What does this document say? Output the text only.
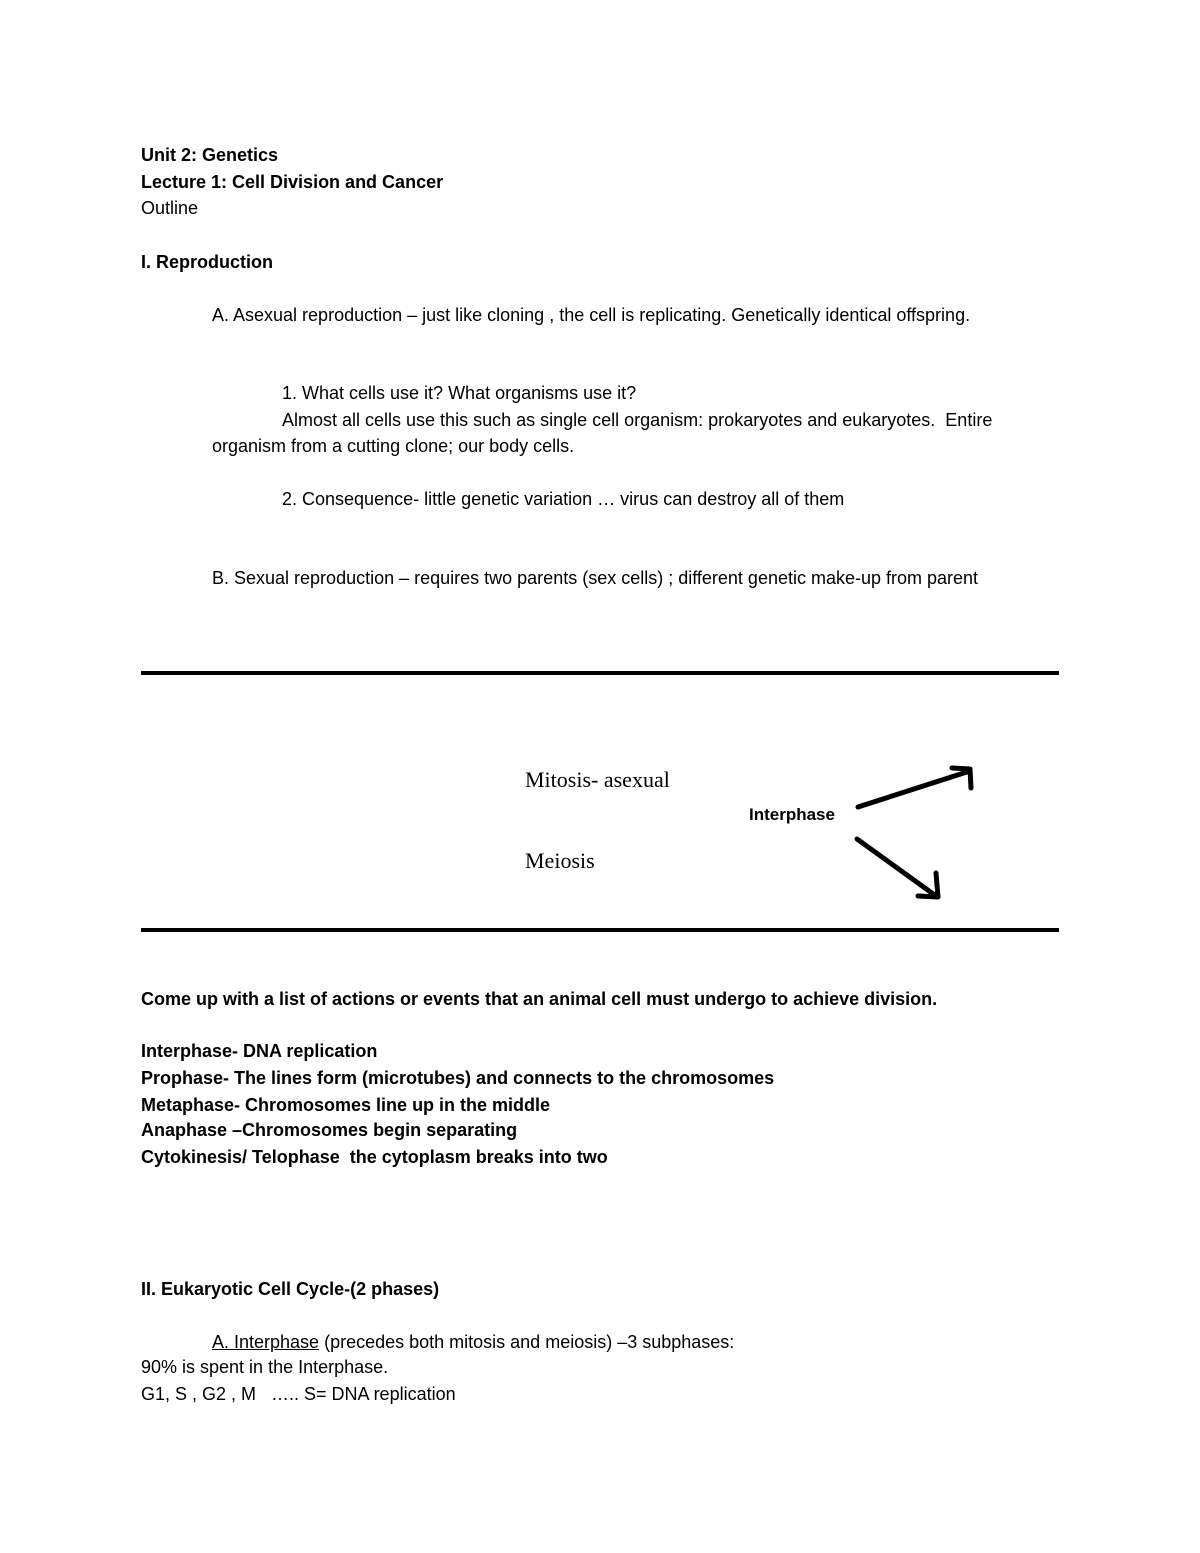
Unit 2: Genetics
Lecture 1: Cell Division and Cancer
Outline
I. Reproduction
A. Asexual reproduction – just like cloning , the cell is replicating. Genetically identical offspring.
1. What cells use it? What organisms use it?
Almost all cells use this such as single cell organism: prokaryotes and eukaryotes.  Entire
organism from a cutting clone; our body cells.
2. Consequence- little genetic variation … virus can destroy all of them
B. Sexual reproduction – requires two parents (sex cells) ; different genetic make-up from parent
Mitosis- asexual
Interphase
Meiosis
Come up with a list of actions or events that an animal cell must undergo to achieve division.
Interphase- DNA replication
Prophase- The lines form (microtubes) and connects to the chromosomes
Metaphase- Chromosomes line up in the middle
Anaphase –Chromosomes begin separating
Cytokinesis/ Telophase  the cytoplasm breaks into two
II. Eukaryotic Cell Cycle-(2 phases)
A. Interphase (precedes both mitosis and meiosis) –3 subphases:
90% is spent in the Interphase.
G1, S , G2 , M   ….. S= DNA replication
